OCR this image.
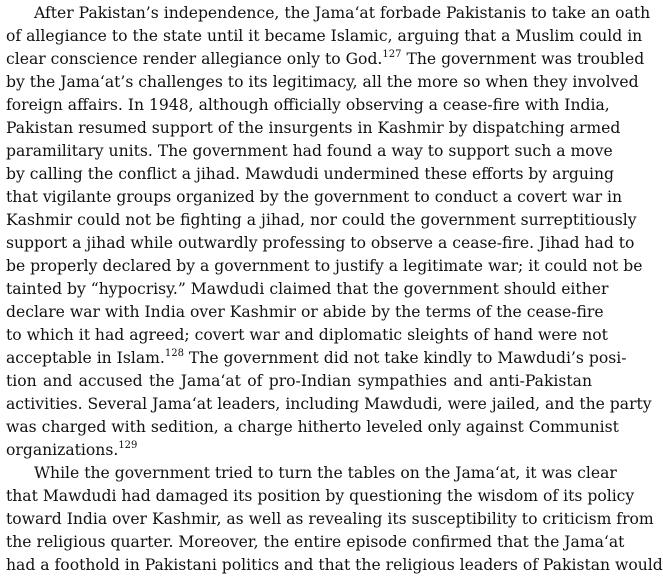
After Pakistan’s independence, the Jama‘at forbade Pakistanis to take an oath
of allegiance to the state until it became Islamic, arguing that a Muslim could in
clear conscience render allegiance only to God.$^{127}$ The government was troubled
by the Jama‘at’s challenges to its legitimacy, all the more so when they involved
foreign affairs. In 1948, although officially observing a cease-fire with India,
Pakistan resumed support of the insurgents in Kashmir by dispatching armed
paramilitary units. The government had found a way to support such a move
by calling the conflict a jihad. Mawdudi undermined these efforts by arguing
that vigilante groups organized by the government to conduct a covert war in
Kashmir could not be fighting a jihad, nor could the government surreptitiously
support a jihad while outwardly professing to observe a cease-fire. Jihad had to
be properly declared by a government to justify a legitimate war; it could not be
tainted by “hypocrisy.” Mawdudi claimed that the government should either
declare war with India over Kashmir or abide by the terms of the cease-fire
to which it had agreed; covert war and diplomatic sleights of hand were not
acceptable in Islam.$^{128}$ The government did not take kindly to Mawdudi’s posi-
tion and accused the Jama‘at of pro-Indian sympathies and anti-Pakistan
activities. Several Jama‘at leaders, including Mawdudi, were jailed, and the party
was charged with sedition, a charge hitherto leveled only against Communist
organizations.$^{129}$
While the government tried to turn the tables on the Jama‘at, it was clear
that Mawdudi had damaged its position by questioning the wisdom of its policy
toward India over Kashmir, as well as revealing its susceptibility to criticism from
the religious quarter. Moreover, the entire episode confirmed that the Jama‘at
had a foothold in Pakistani politics and that the religious leaders of Pakistan would
